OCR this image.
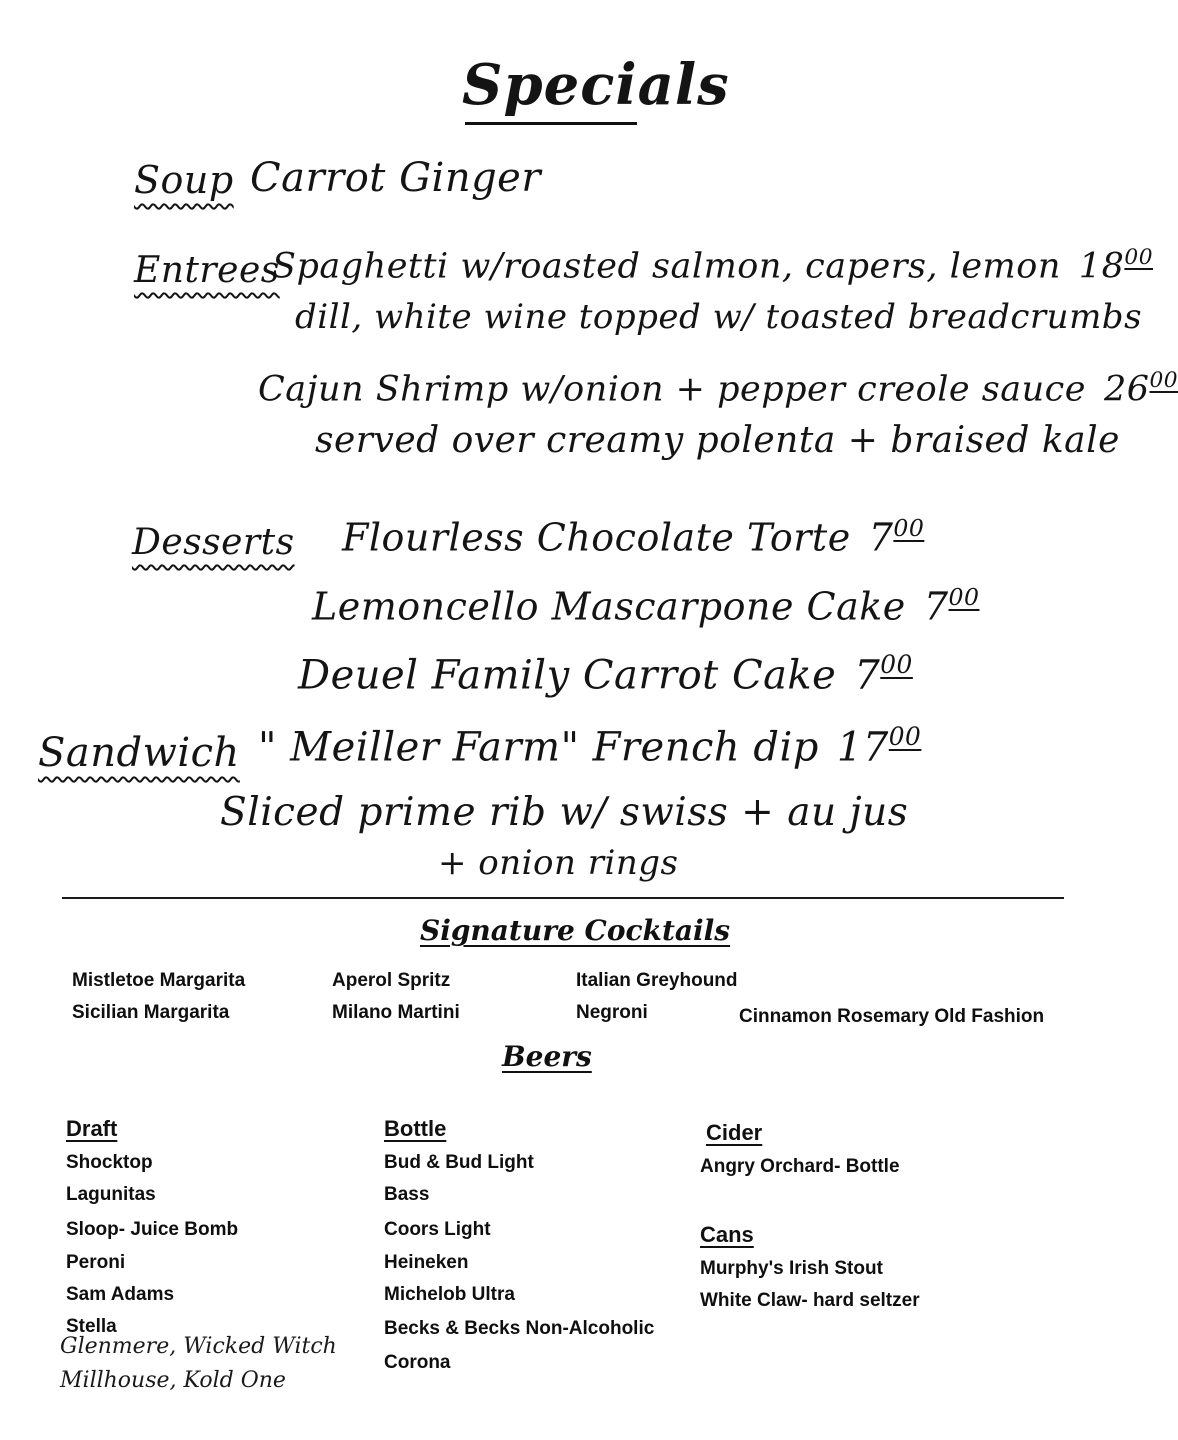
Specials
Soup Carrot Ginger
Entrees
Spaghetti w/roasted salmon, capers, lemon $18^{00}$
dill, white wine topped w/ toasted breadcrumbs
Cajun Shrimp w/onion + pepper creole sauce $26^{00}$
served over creamy polenta + braised kale
Desserts Flourless Chocolate Torte $7^{00}$
Lemoncello Mascarpone Cake $7^{00}$
Deuel Family Carrot Cake $7^{00}$
Sandwich " Meiller Farm" French dip $17^{00}$
Sliced prime rib w/ swiss + au jus
+ onion rings
Signature Cocktails
Mistletoe Margarita
Sicilian Margarita
Aperol Spritz
Milano Martini
Italian Greyhound
Negroni	Cinnamon Rosemary Old Fashion
Beers
Draft
Shocktop
Lagunitas
Sloop- Juice Bomb
Peroni
Sam Adams
Stella
Glenmere, Wicked Witch
Millhouse, Kold One
Bottle
Bud & Bud Light
Bass
Coors Light
Heineken
Michelob Ultra
Becks & Becks Non-Alcoholic
Corona
Cider
Angry Orchard- Bottle
Cans
Murphy's Irish Stout
White Claw- hard seltzer
